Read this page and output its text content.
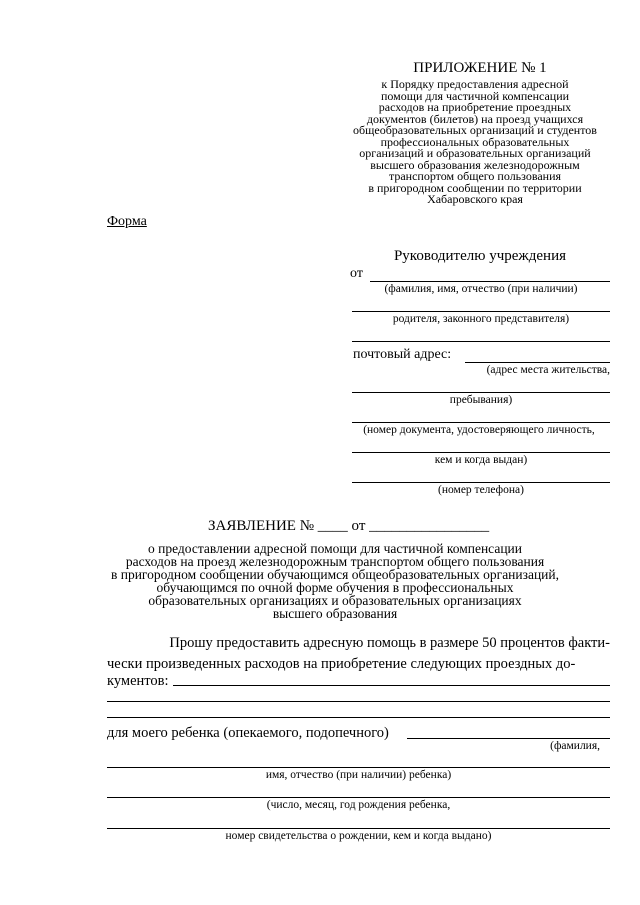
ПРИЛОЖЕНИЕ № 1
к Порядку предоставления адресной
помощи для частичной компенсации
расходов на приобретение проездных
документов (билетов) на проезд учащихся
общеобразовательных организаций и студентов
профессиональных образовательных
организаций и образовательных организаций
высшего образования железнодорожным
транспортом общего пользования
в пригородном сообщении по территории
Хабаровского края
Форма
Руководителю учреждения
от
(фамилия, имя, отчество (при наличии)
родителя, законного представителя)
почтовый адрес:
(адрес места жительства,
пребывания)
(номер документа, удостоверяющего личность,
кем и когда выдан)
(номер телефона)
ЗАЯВЛЕНИЕ № ____ от ________________
о предоставлении адресной помощи для частичной компенсации
расходов на проезд железнодорожным транспортом общего пользования
в пригородном сообщении обучающимся общеобразовательных организаций,
обучающимся по очной форме обучения в профессиональных
образовательных организациях и образовательных организациях
высшего образования
Прошу предоставить адресную помощь в размере 50 процентов факти-
чески произведенных расходов на приобретение следующих проездных до-
кументов:
для моего ребенка (опекаемого, подопечного)
(фамилия,
имя, отчество (при наличии) ребенка)
(число, месяц, год рождения ребенка,
номер свидетельства о рождении, кем и когда выдано)
